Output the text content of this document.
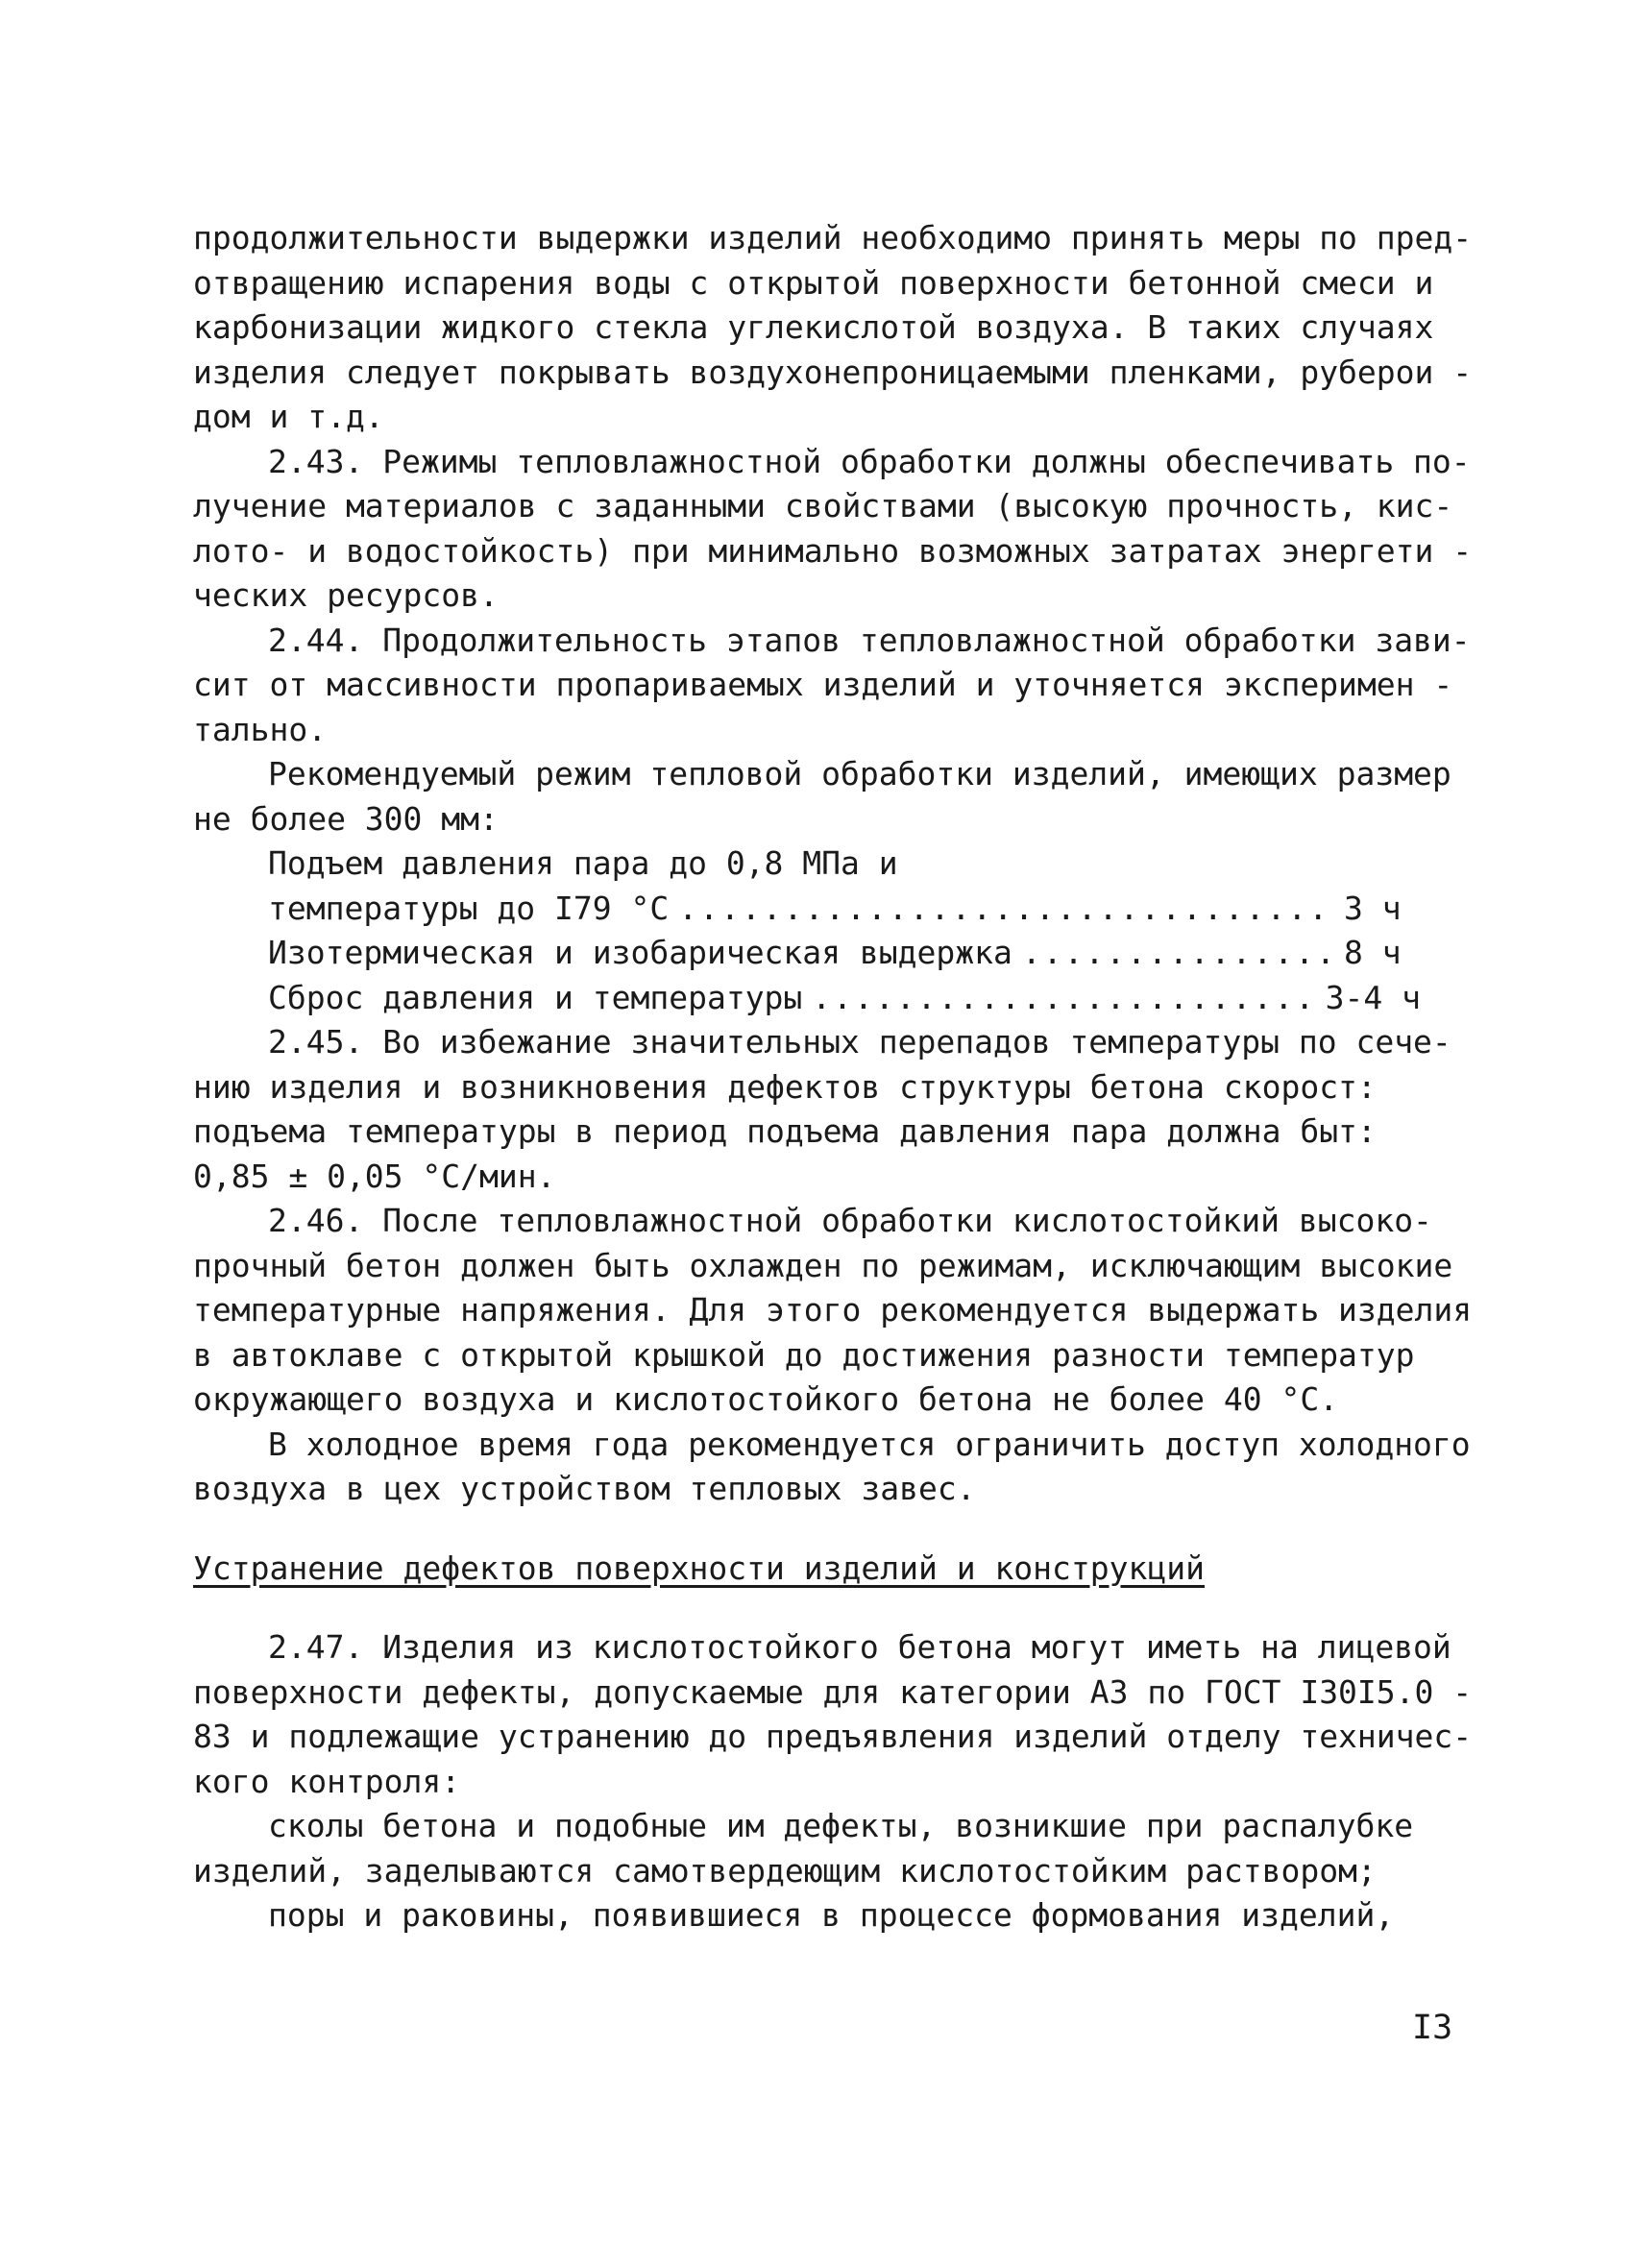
продолжительности выдержки изделий необходимо принять меры по пред-
отвращению испарения воды с открытой поверхности бетонной смеси и
карбонизации жидкого стекла углекислотой воздуха. В таких случаях
изделия следует покрывать воздухонепроницаемыми пленками, руберои -
дом и т.д.
2.43. Режимы тепловлажностной обработки должны обеспечивать по-
лучение материалов с заданными свойствами (высокую прочность, кис-
лото- и водостойкость) при минимально возможных затратах энергети -
ческих ресурсов.
2.44. Продолжительность этапов тепловлажностной обработки зави-
сит от массивности пропариваемых изделий и уточняется эксперимен -
тально.
Рекомендуемый режим тепловой обработки изделий, имеющих размер
не более 300 мм:
Подъем давления пара до 0,8 МПа и
температуры до I79 °С .....	3 ч
Изотермическая и изобарическая выдержка .....	8 ч
Сброс давления и температуры .....	3-4 ч
2.45. Во избежание значительных перепадов температуры по сече-
нию изделия и возникновения дефектов структуры бетона скорост:
подъема температуры в период подъема давления пара должна быт:
0,85 ± 0,05 °С/мин.
2.46. После тепловлажностной обработки кислотостойкий высоко-
прочный бетон должен быть охлажден по режимам, исключающим высокие
температурные напряжения. Для этого рекомендуется выдержать изделия
в автоклаве с открытой крышкой до достижения разности температур
окружающего воздуха и кислотостойкого бетона не более 40 °С.
В холодное время года рекомендуется ограничить доступ холодного
воздуха в цех устройством тепловых завес.
Устранение дефектов поверхности изделий и конструкций
2.47. Изделия из кислотостойкого бетона могут иметь на лицевой
поверхности дефекты, допускаемые для категории А3 по ГОСТ I30I5.0 -
83 и подлежащие устранению до предъявления изделий отделу техничес-
кого контроля:
сколы бетона и подобные им дефекты, возникшие при распалубке
изделий, заделываются самотвердеющим кислотостойким раствором;
поры и раковины, появившиеся в процессе формования изделий,
I3
